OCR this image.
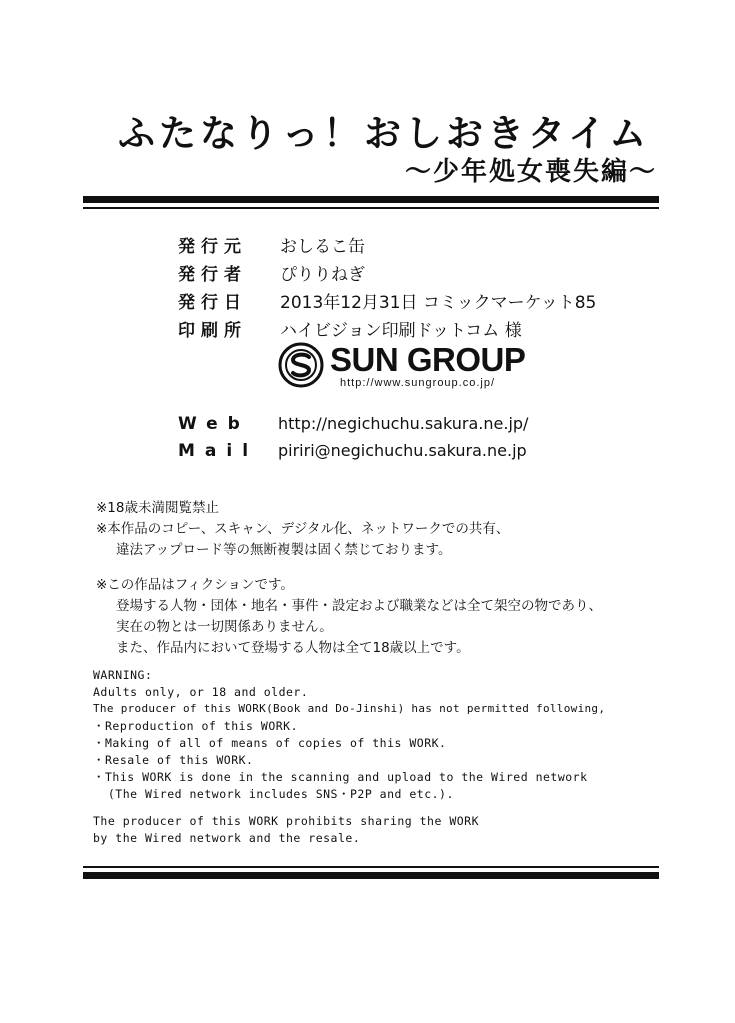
ふたなりっ！おしおきタイム
～少年処女喪失編～
発行元 おしるこ缶
発行者 ぴりりねぎ
発行日 2013年12月31日 コミックマーケット85
印刷所 ハイビジョン印刷ドットコム 様
SUN GROUP
http://www.sungroup.co.jp/
Web http://negichuchu.sakura.ne.jp/
Mail piriri@negichuchu.sakura.ne.jp
※18歳未満閲覧禁止
※本作品のコピー、スキャン、デジタル化、ネットワークでの共有、
違法アップロード等の無断複製は固く禁じております。
※この作品はフィクションです。
登場する人物・団体・地名・事件・設定および職業などは全て架空の物であり、
実在の物とは一切関係ありません。
また、作品内において登場する人物は全て18歳以上です。
WARNING:
Adults only, or 18 and older.
The producer of this WORK(Book and Do-Jinshi) has not permitted following,
・Reproduction of this WORK.
・Making of all of means of copies of this WORK.
・Resale of this WORK.
・This WORK is done in the scanning and upload to the Wired network
(The Wired network includes SNS・P2P and etc.).
The producer of this WORK prohibits sharing the WORK
by the Wired network and the resale.
